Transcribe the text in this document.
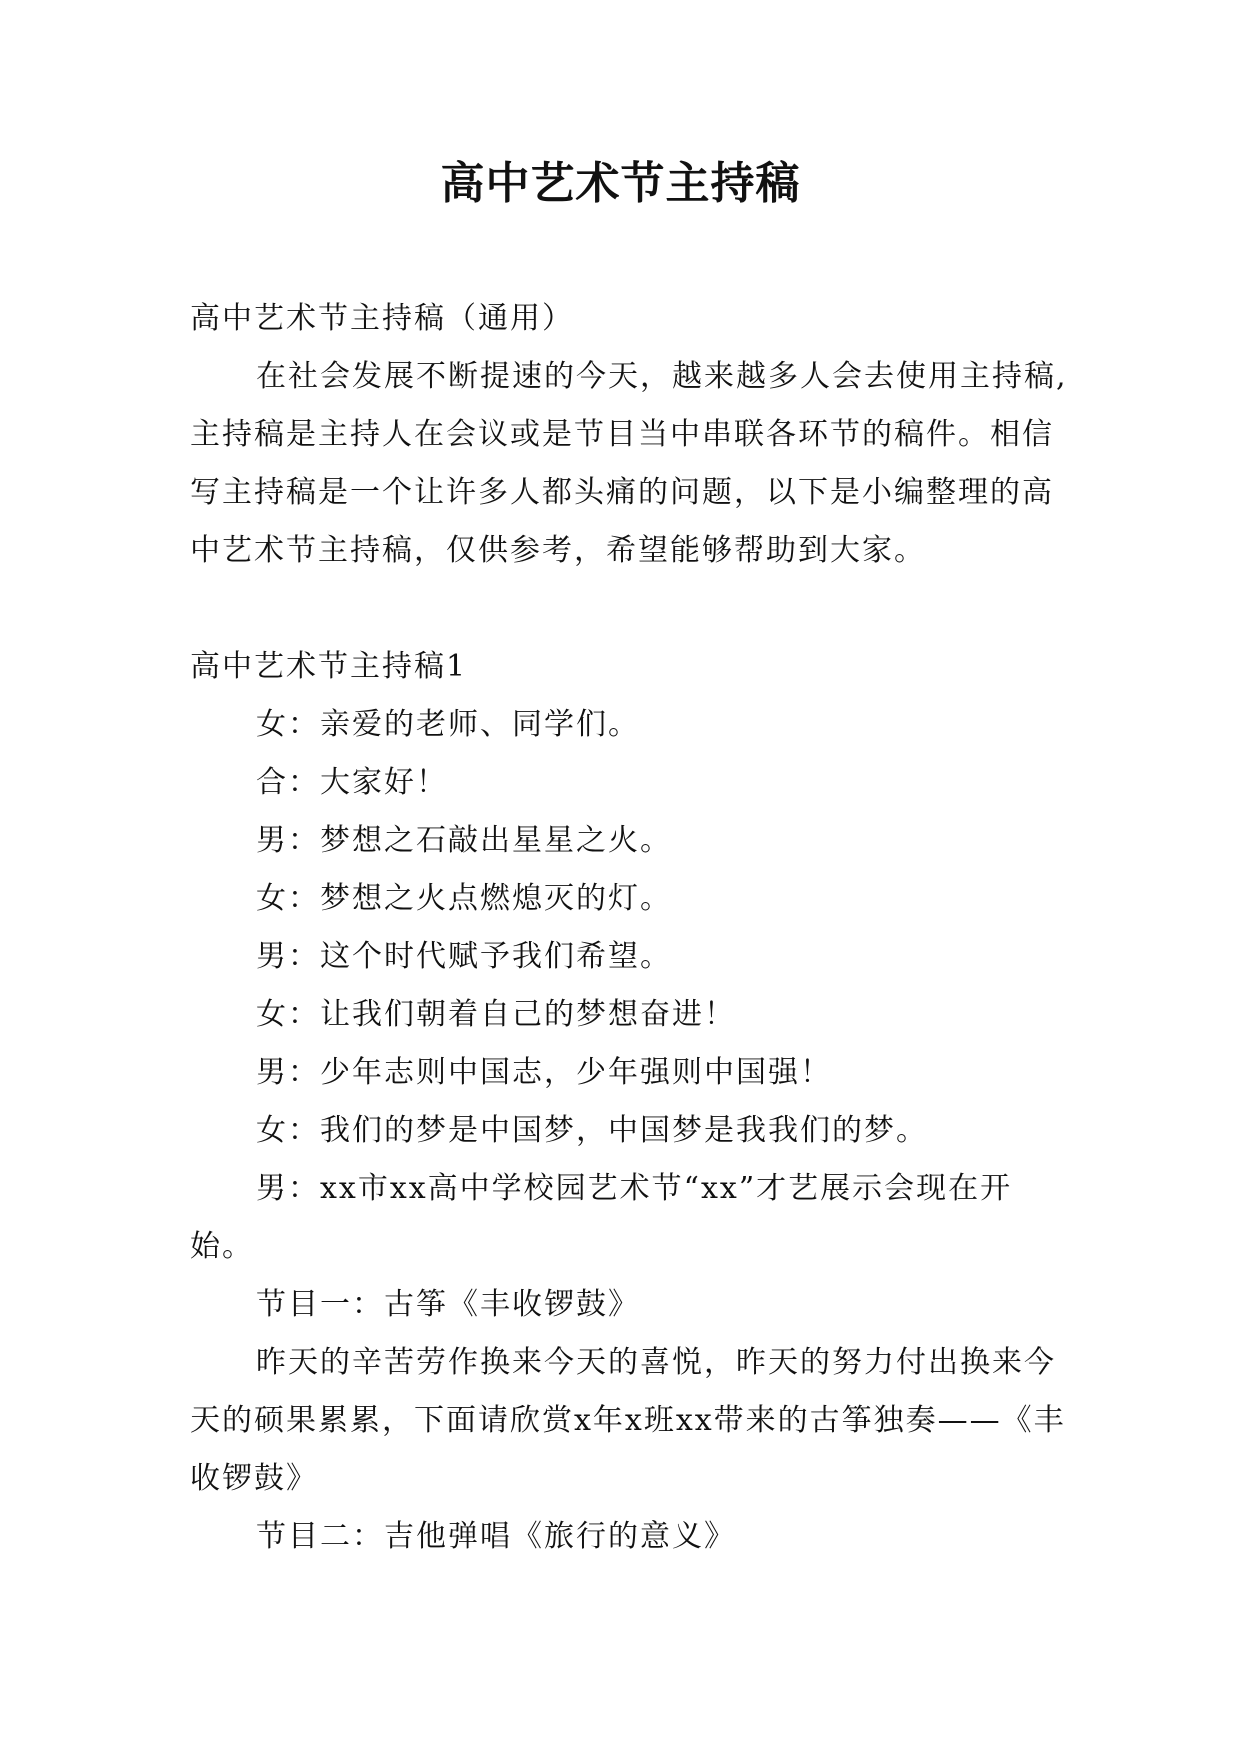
高中艺术节主持稿

高中艺术节主持稿（通用）

在社会发展不断提速的今天，越来越多人会去使用主持稿,主持稿是主持人在会议或是节目当中串联各环节的稿件。相信写主持稿是一个让许多人都头痛的问题，以下是小编整理的高中艺术节主持稿，仅供参考，希望能够帮助到大家。

高中艺术节主持稿1

女：亲爱的老师、同学们。

合：大家好！

男：梦想之石敲出星星之火。

女：梦想之火点燃熄灭的灯。

男：这个时代赋予我们希望。

女：让我们朝着自己的梦想奋进！

男：少年志则中国志，少年强则中国强！

女：我们的梦是中国梦，中国梦是我我们的梦。

男：xx市xx高中学校园艺术节“xx”才艺展示会现在开始。

节目一：古筝《丰收锣鼓》

昨天的辛苦劳作换来今天的喜悦，昨天的努力付出换来今天的硕果累累，下面请欣赏x年x班xx带来的古筝独奏——《丰收锣鼓》

节目二：吉他弹唱《旅行的意义》
